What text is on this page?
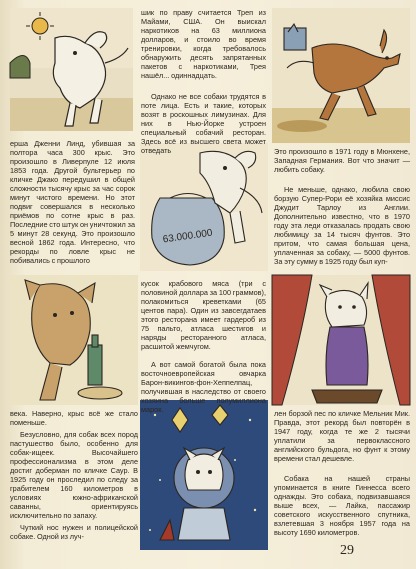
63.000.000

шик по праву считается Треп из Майами, США. Он выискал наркотиков на 63 миллиона долларов, и стоило во время тренировки, когда требовалось обнаружить десять запрятанных пакетов с наркотиками, Трея нашёл... одиннадцать.

Однако не все собаки трудятся в поте лица. Есть и такие, которых возят в роскошных лимузинах. Для них в Нью-Йорке устроен специальный собачий ресторан. Здесь всё из высшего света может отведать

ерша Дженни Линд, убившая за полтора часа 300 крыс. Это произошло в Ливерпуле 12 июля 1853 года. Другой бультерьер по кличке Джако передушил в общей сложности тысячу крыс за час сорок минут чистого времени. Но этот подвиг совершался в несколько приёмов по сотне крыс в раз. Последние сто штук он уничтожил за 5 минут 28 секунд. Это произошло весной 1862 года. Интересно, что рекорды по ловле крыс не побивались с прошлого

Это произошло в 1971 году в Мюнхене, Западная Германия. Вот что значит — любить собаку.

Не меньше, однако, любила свою борзую Супер-Рори её хозяйка миссис Джудит Тарлоу из Англии. Дополнительно известно, что в 1970 году эта леди отказалась продать свою любимицу за 14 тысяч фунтов. Это притом, что самая большая цена, уплаченная за собаку, — 5000 фунтов. За эту сумму в 1925 году был куп-

кусок крабового мяса (три с половиной доллара за 100 граммов), полакомиться креветками (65 центов пара). Один из завсегдатаев этого ресторана имеет гардероб из 75 пальто, атласа шестигов и наряды ресторанного атласа, расшитой жемчугом.

А вот самой богатой была пока восточноевропейская овчарка Барон-викингов-фон-Хеппелпац, получившая в наследство от своего хозяина больше полумиллиона марок.

века. Наверно, крыс всё же стало поменьше.

Безусловно, для собак всех пород пастушество было, особенно для собак-ищеек. Высочайшего профессионализма в этом деле достиг доберман по кличке Саур. В 1925 году он проследил по следу за грабителем 160 километров в условиях южно-африканской саванны, ориентируясь исключительно по запаху.

Чуткий нос нужен и полицейской собаке. Одной из луч-

лен борзой пес по кличке Мельник Мик. Правда, этот рекорд был повторён в 1947 году, когда те же 2 тысячи уплатили за первоклассного английского бульдога, но фунт к этому времени стал дешевле.

Собака на нашей страны упоминается в книге Гиннесса всего однажды. Это собака, подвизавшаяся выше всех, — Лайка, пассажир советского искусственного спутника, взлетевшая 3 ноября 1957 года на высоту 1690 километров.

29
